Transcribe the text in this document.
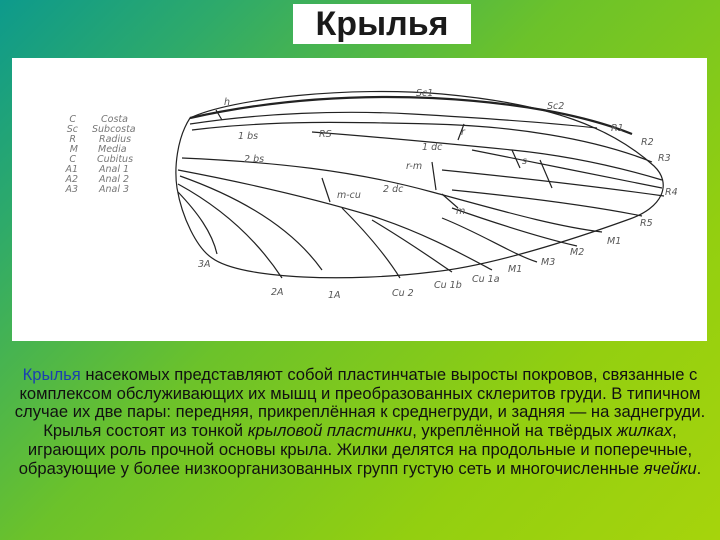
Крылья
C	Costa
Sc Subcosta
R Radius
M Media
C Cubitus
A1 Anal 1
A2 Anal 2
A3 Anal 3
h
Sc1
Sc2
R1
R2
R3
R4
R5
M1
M2
M3
M1
Cu 1a
Cu 1b
Cu 2
1A
2A
3A
1 bs
2 bs
RS	r
1 dc
s
r-m
2 dc
m-cu
m

Крылья насекомых представляют собой пластинчатые выросты покровов, связанные с комплексом обслуживающих их мышц и преобразованных склеритов груди. В типичном случае их две пары: передняя, прикреплённая к среднегруди, и задняя — на заднегруди. Крылья состоят из тонкой крыловой пластинки, укреплённой на твёрдых жилках, играющих роль прочной основы крыла. Жилки делятся на продольные и поперечные, образующие у более низкоорганизованных групп густую сеть и многочисленные ячейки.
